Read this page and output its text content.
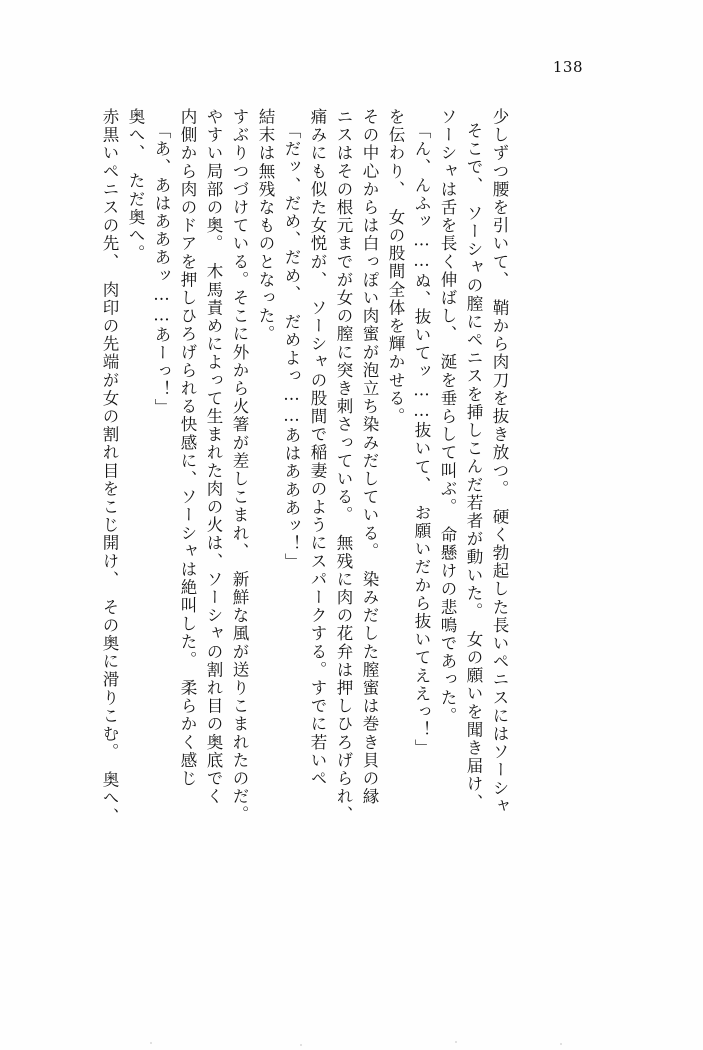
138
赤黒いペニスの先、　肉印の先端が女の割れ目をこじ開け、　その奥に滑りこむ。　奥へ、 奥へ、　ただ奥へ。 「あ、あはあああッ……あーっ！」 内側から肉のドアを押しひろげられる快感に、ソーシャは絶叫した。　柔らかく感じ やすい局部の奥。　木馬責めによって生まれた肉の火は、ソーシャの割れ目の奥底でく すぶりつづけている。そこに外から火箸が差しこまれ、　新鮮な風が送りこまれたのだ。 結末は無残なものとなった。 「だッ、だめ、だめ、　だめよっ……あはあああッ！」 痛みにも似た女悦が、　ソーシャの股間で稲妻のようにスパークする。すでに若いペ ニスはその根元までが女の膣に突き刺さっている。　無残に肉の花弁は押しひろげられ、 その中心からは白っぽい肉蜜が泡立ち染みだしている。　染みだした膣蜜は巻き貝の縁 を伝わり、　女の股間全体を輝かせる。 「ん、んふッ……ぬ、抜いてッ……抜いて、　お願いだから抜いてええっ！」 ソーシャは舌を長く伸ばし、　涎を垂らして叫ぶ。　命懸けの悲鳴であった。 そこで、　ソーシャの膣にペニスを挿しこんだ若者が動いた。　女の願いを聞き届け、 少しずつ腰を引いて、　鞘から肉刀を抜き放つ。　硬く勃起した長いペニスにはソーシャ
